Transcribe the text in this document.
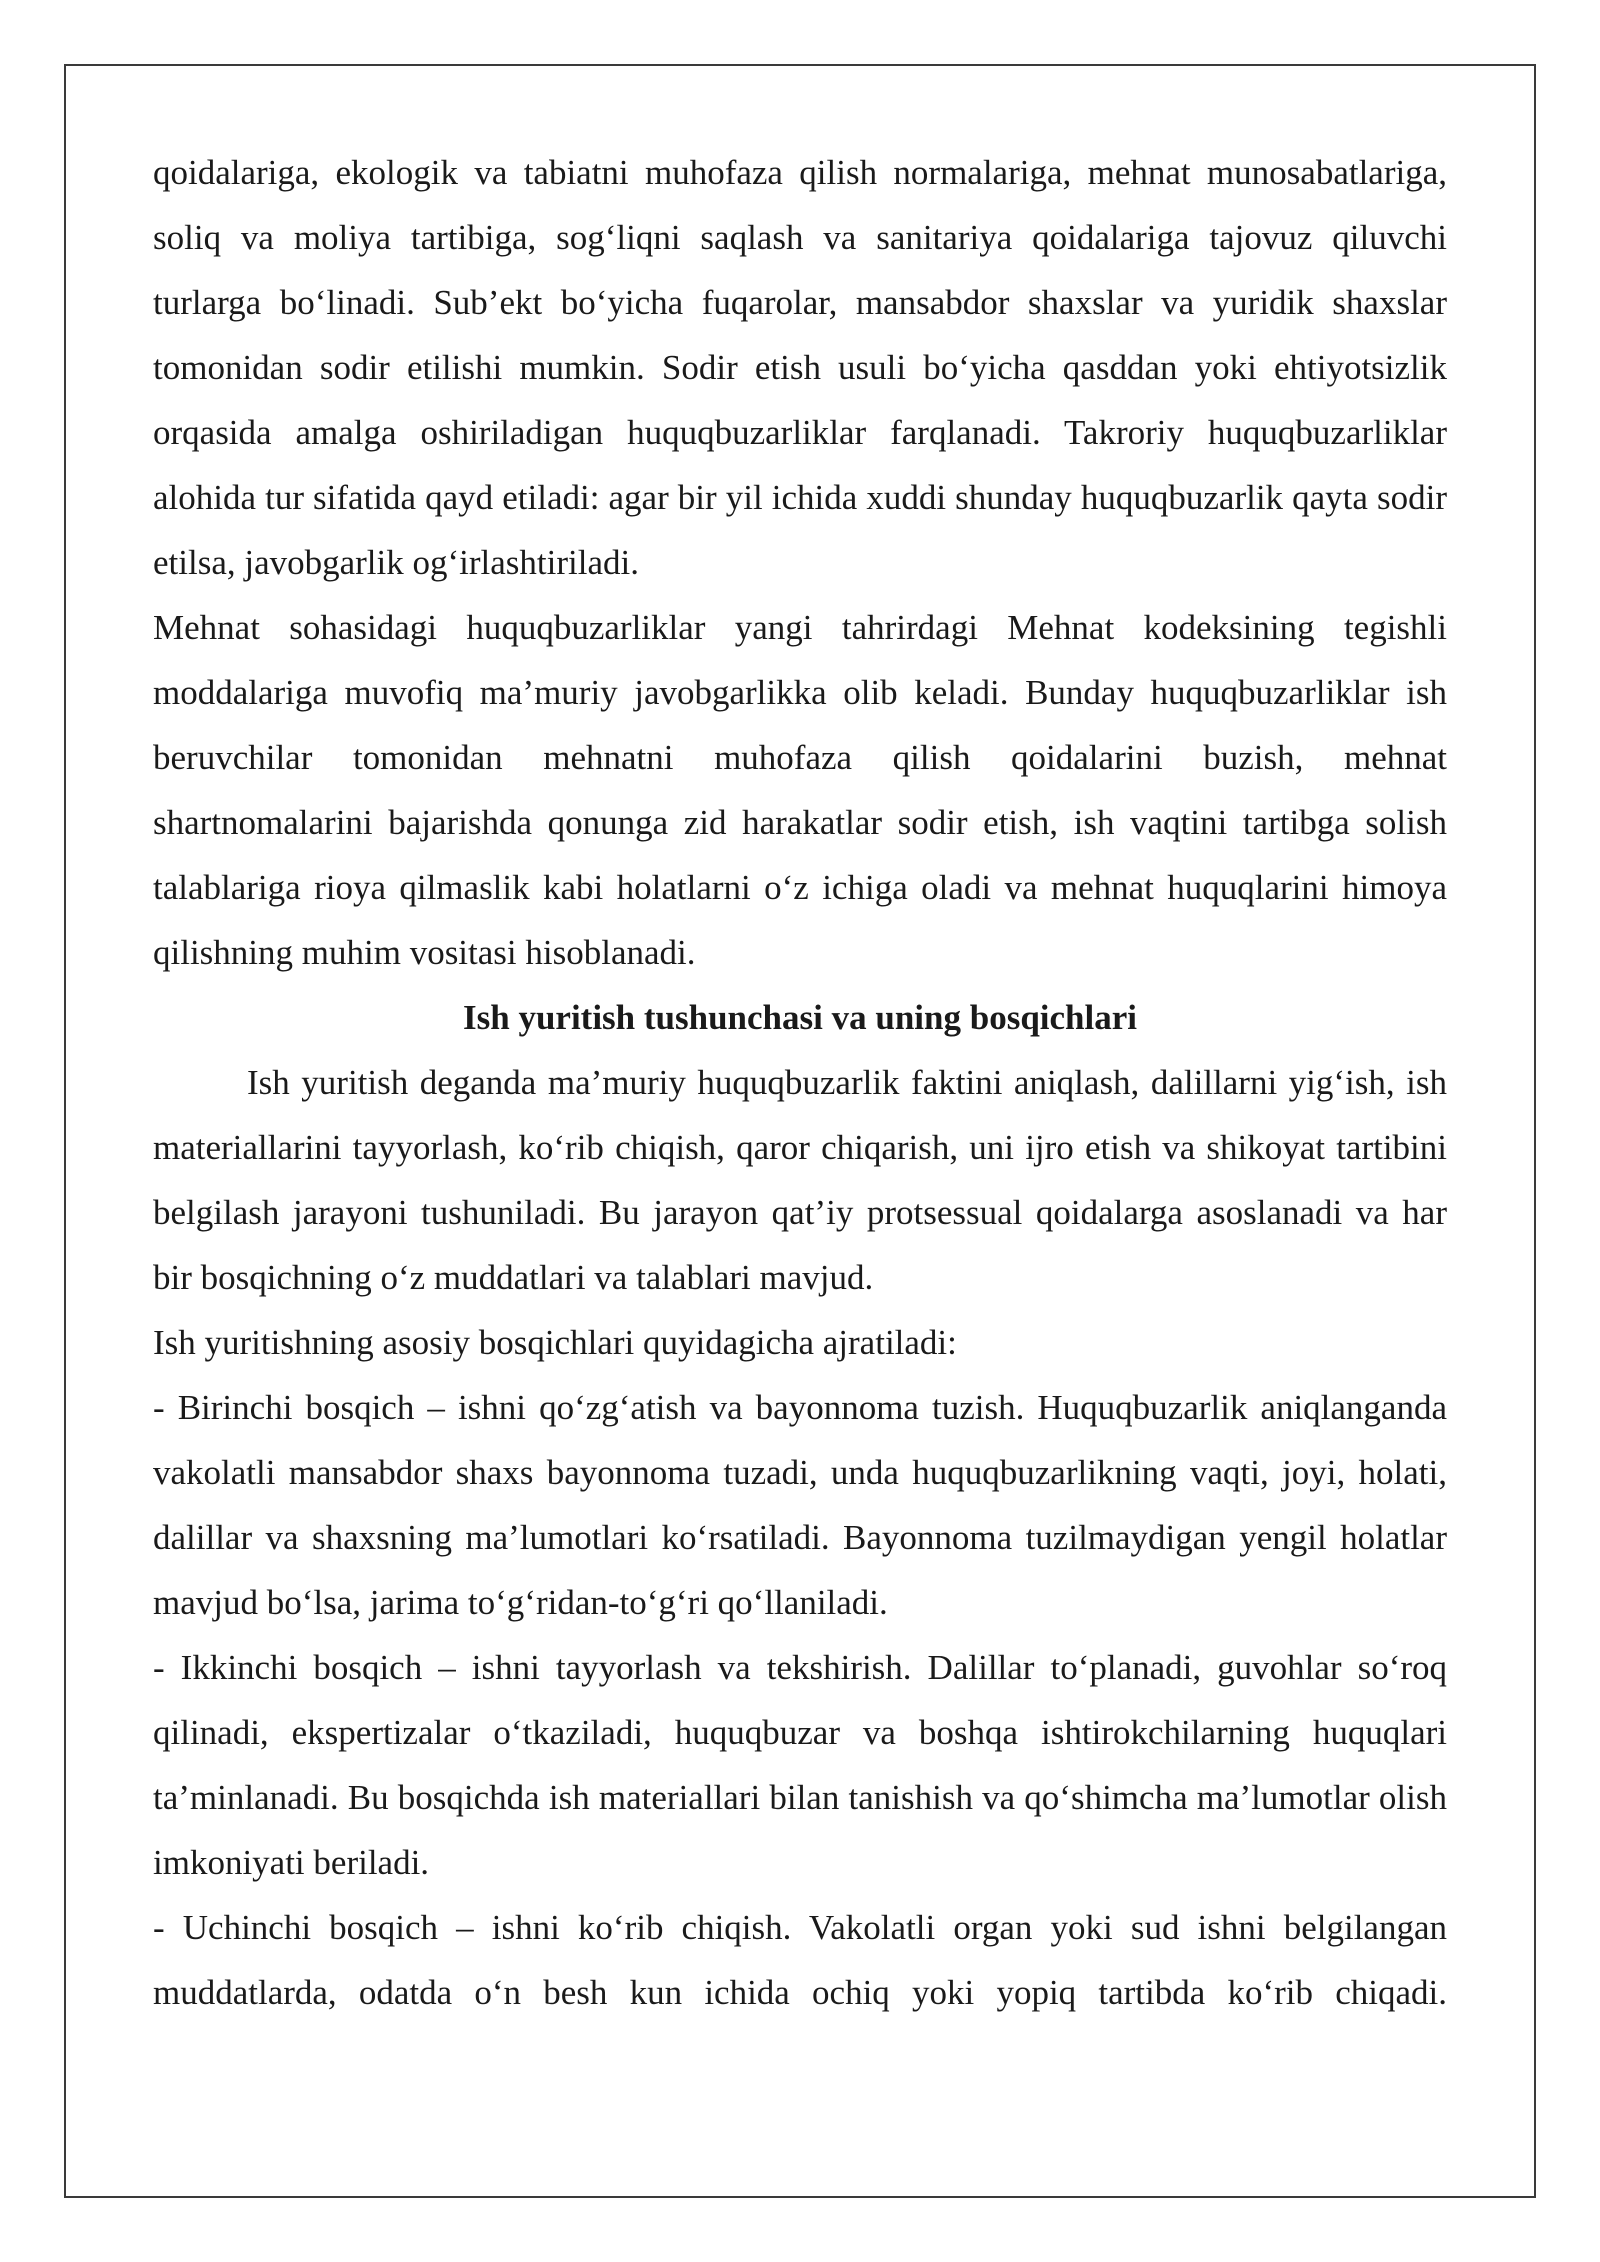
qoidalariga, ekologik va tabiatni muhofaza qilish normalariga, mehnat munosabatlariga, soliq va moliya tartibiga, sog‘liqni saqlash va sanitariya qoidalariga tajovuz qiluvchi turlarga bo‘linadi. Sub’ekt bo‘yicha fuqarolar, mansabdor shaxslar va yuridik shaxslar tomonidan sodir etilishi mumkin. Sodir etish usuli bo‘yicha qasddan yoki ehtiyotsizlik orqasida amalga oshiriladigan huquqbuzarliklar farqlanadi. Takroriy huquqbuzarliklar alohida tur sifatida qayd etiladi: agar bir yil ichida xuddi shunday huquqbuzarlik qayta sodir etilsa, javobgarlik og‘irlashtiriladi.

Mehnat sohasidagi huquqbuzarliklar yangi tahrirdagi Mehnat kodeksining tegishli moddalariga muvofiq ma’muriy javobgarlikka olib keladi. Bunday huquqbuzarliklar ish beruvchilar tomonidan mehnatni muhofaza qilish qoidalarini buzish, mehnat shartnomalarini bajarishda qonunga zid harakatlar sodir etish, ish vaqtini tartibga solish talablariga rioya qilmaslik kabi holatlarni o‘z ichiga oladi va mehnat huquqlarini himoya qilishning muhim vositasi hisoblanadi.

Ish yuritish tushunchasi va uning bosqichlari

Ish yuritish deganda ma’muriy huquqbuzarlik faktini aniqlash, dalillarni yig‘ish, ish materiallarini tayyorlash, ko‘rib chiqish, qaror chiqarish, uni ijro etish va shikoyat tartibini belgilash jarayoni tushuniladi. Bu jarayon qat’iy protsessual qoidalarga asoslanadi va har bir bosqichning o‘z muddatlari va talablari mavjud.

Ish yuritishning asosiy bosqichlari quyidagicha ajratiladi:

- Birinchi bosqich – ishni qo‘zg‘atish va bayonnoma tuzish. Huquqbuzarlik aniqlanganda vakolatli mansabdor shaxs bayonnoma tuzadi, unda huquqbuzarlikning vaqti, joyi, holati, dalillar va shaxsning ma’lumotlari ko‘rsatiladi. Bayonnoma tuzilmaydigan yengil holatlar mavjud bo‘lsa, jarima to‘g‘ridan-to‘g‘ri qo‘llaniladi.

- Ikkinchi bosqich – ishni tayyorlash va tekshirish. Dalillar to‘planadi, guvohlar so‘roq qilinadi, ekspertizalar o‘tkaziladi, huquqbuzar va boshqa ishtirokchilarning huquqlari ta’minlanadi. Bu bosqichda ish materiallari bilan tanishish va qo‘shimcha ma’lumotlar olish imkoniyati beriladi.

- Uchinchi bosqich – ishni ko‘rib chiqish. Vakolatli organ yoki sud ishni belgilangan muddatlarda, odatda o‘n besh kun ichida ochiq yoki yopiq tartibda ko‘rib chiqadi.
